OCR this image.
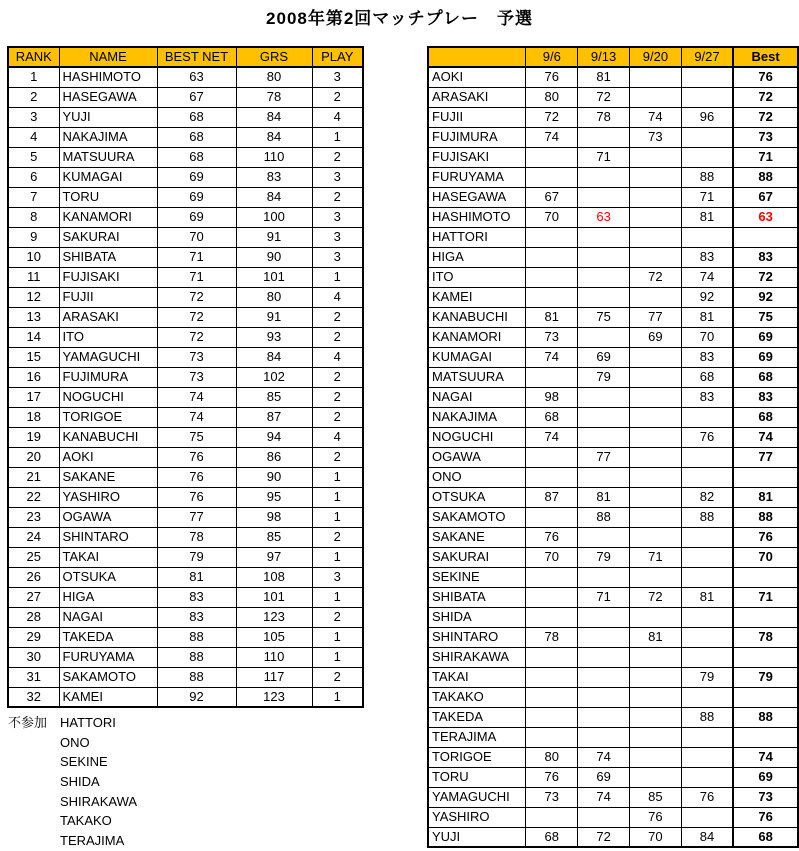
2008年第2回マッチプレー　予選
RANK	NAME	BEST NET	GRS	PLAY
1	HASHIMOTO	63	80	3
2	HASEGAWA	67	78	2
3	YUJI	68	84	4
4	NAKAJIMA	68	84	1
5	MATSUURA	68	110	2
6	KUMAGAI	69	83	3
7	TORU	69	84	2
8	KANAMORI	69	100	3
9	SAKURAI	70	91	3
10	SHIBATA	71	90	3
11	FUJISAKI	71	101	1
12	FUJII	72	80	4
13	ARASAKI	72	91	2
14	ITO	72	93	2
15	YAMAGUCHI	73	84	4
16	FUJIMURA	73	102	2
17	NOGUCHI	74	85	2
18	TORIGOE	74	87	2
19	KANABUCHI	75	94	4
20	AOKI	76	86	2
21	SAKANE	76	90	1
22	YASHIRO	76	95	1
23	OGAWA	77	98	1
24	SHINTARO	78	85	2
25	TAKAI	79	97	1
26	OTSUKA	81	108	3
27	HIGA	83	101	1
28	NAGAI	83	123	2
29	TAKEDA	88	105	1
30	FURUYAMA	88	110	1
31	SAKAMOTO	88	117	2
32	KAMEI	92	123	1
不参加 HATTORI
ONO
SEKINE
SHIDA
SHIRAKAWA
TAKAKO
TERAJIMA
	9/6	9/13	9/20	9/27	Best
AOKI	76	81			76
ARASAKI	80	72			72
FUJII	72	78	74	96	72
FUJIMURA	74		73		73
FUJISAKI		71			71
FURUYAMA				88	88
HASEGAWA	67			71	67
HASHIMOTO	70	63		81	63
HATTORI					
HIGA				83	83
ITO			72	74	72
KAMEI				92	92
KANABUCHI	81	75	77	81	75
KANAMORI	73		69	70	69
KUMAGAI	74	69		83	69
MATSUURA		79		68	68
NAGAI	98			83	83
NAKAJIMA	68				68
NOGUCHI	74			76	74
OGAWA		77			77
ONO					
OTSUKA	87	81		82	81
SAKAMOTO		88		88	88
SAKANE	76				76
SAKURAI	70	79	71		70
SEKINE					
SHIBATA		71	72	81	71
SHIDA					
SHINTARO	78		81		78
SHIRAKAWA					
TAKAI				79	79
TAKAKO					
TAKEDA				88	88
TERAJIMA					
TORIGOE	80	74			74
TORU	76	69			69
YAMAGUCHI	73	74	85	76	73
YASHIRO			76		76
YUJI	68	72	70	84	68
